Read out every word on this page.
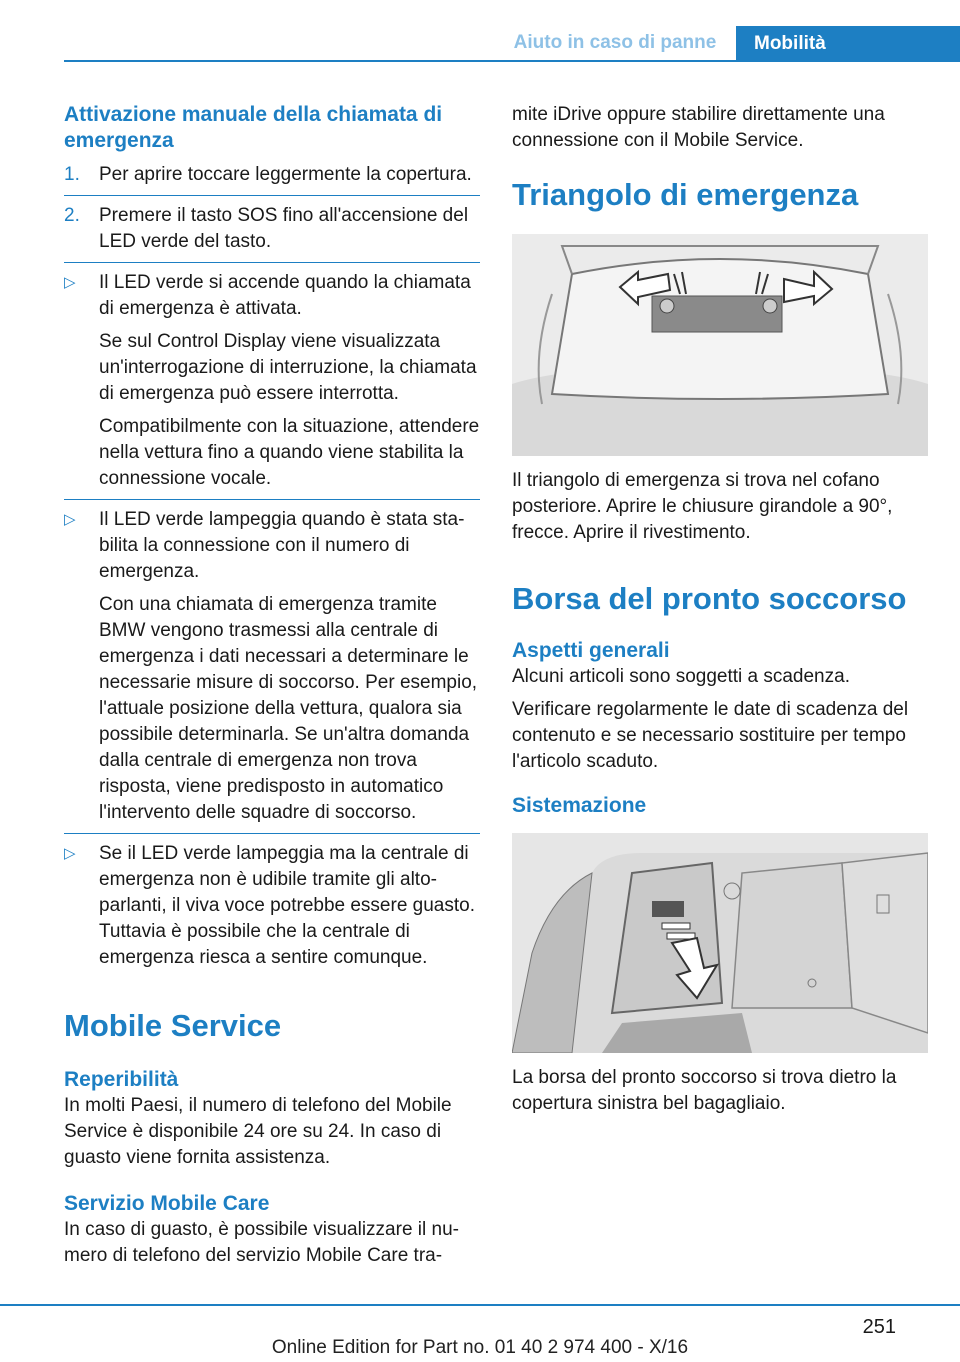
Aiuto in caso di panne	Mobilità

Attivazione manuale della chiamata di emergenza

1. Per aprire toccare leggermente la copertura.

2. Premere il tasto SOS fino all'accensione del LED verde del tasto.

▷ Il LED verde si accende quando la chiamata di emergenza è attivata.

Se sul Control Display viene visualizzata un'interrogazione di interruzione, la chiamata di emergenza può essere interrotta.

Compatibilmente con la situazione, attendere nella vettura fino a quando viene stabilita la connessione vocale.

▷ Il LED verde lampeggia quando è stata stabilita la connessione con il numero di emergenza.

Con una chiamata di emergenza tramite BMW vengono trasmessi alla centrale di emergenza i dati necessari a determinare le necessarie misure di soccorso. Per esempio, l'attuale posizione della vettura, qualora sia possibile determinarla. Se un'altra domanda dalla centrale di emergenza non trova risposta, viene predisposto in automatico l'intervento delle squadre di soccorso.

▷ Se il LED verde lampeggia ma la centrale di emergenza non è udibile tramite gli altoparlanti, il viva voce potrebbe essere guasto. Tuttavia è possibile che la centrale di emergenza riesca a sentire comunque.

Mobile Service

Reperibilità

In molti Paesi, il numero di telefono del Mobile Service è disponibile 24 ore su 24. In caso di guasto viene fornita assistenza.

Servizio Mobile Care

In caso di guasto, è possibile visualizzare il numero di telefono del servizio Mobile Care tra-

mite iDrive oppure stabilire direttamente una connessione con il Mobile Service.

Triangolo di emergenza

Il triangolo di emergenza si trova nel cofano posteriore. Aprire le chiusure girandole a 90°, frecce. Aprire il rivestimento.

Borsa del pronto soccorso

Aspetti generali

Alcuni articoli sono soggetti a scadenza.

Verificare regolarmente le date di scadenza del contenuto e se necessario sostituire per tempo l'articolo scaduto.

Sistemazione

La borsa del pronto soccorso si trova dietro la copertura sinistra bel bagagliaio.

251
Online Edition for Part no. 01 40 2 974 400 - X/16
